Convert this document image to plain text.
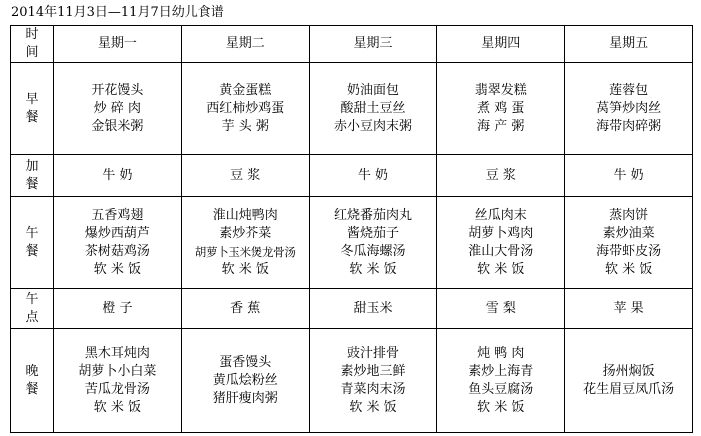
2014年11月3日—11月7日幼儿食谱
时
间	星期一	星期二	星期三	星期四	星期五

早
餐	开花馒头
炒 碎 肉
金银米粥	黄金蛋糕
西红柿炒鸡蛋
芋 头 粥	奶油面包
酸甜土豆丝
赤小豆肉末粥	翡翠发糕
煮 鸡 蛋
海 产 粥	莲蓉包
莴笋炒肉丝
海带肉碎粥

加
餐	牛 奶	豆 浆	牛 奶	豆 浆	牛 奶

午
餐	五香鸡翅
爆炒西葫芦
茶树菇鸡汤
软 米 饭	淮山炖鸭肉
素炒芥菜
胡萝卜玉米煲龙骨汤
软 米 饭	红烧番茄肉丸
酱烧茄子
冬瓜海螺汤
软 米 饭	丝瓜肉末
胡萝卜鸡肉
淮山大骨汤
软 米 饭	蒸肉饼
素炒油菜
海带虾皮汤
软 米 饭

午
点	橙 子	香 蕉	甜玉米	雪 梨	苹 果

晚
餐	黑木耳炖肉
胡萝卜小白菜
苦瓜龙骨汤
软 米 饭	蛋香馒头
黄瓜烩粉丝
猪肝瘦肉粥	豉汁排骨
素炒地三鲜
青菜肉末汤
软 米 饭	炖 鸭 肉
素炒上海青
鱼头豆腐汤
软 米 饭	扬州焖饭
花生眉豆凤爪汤
